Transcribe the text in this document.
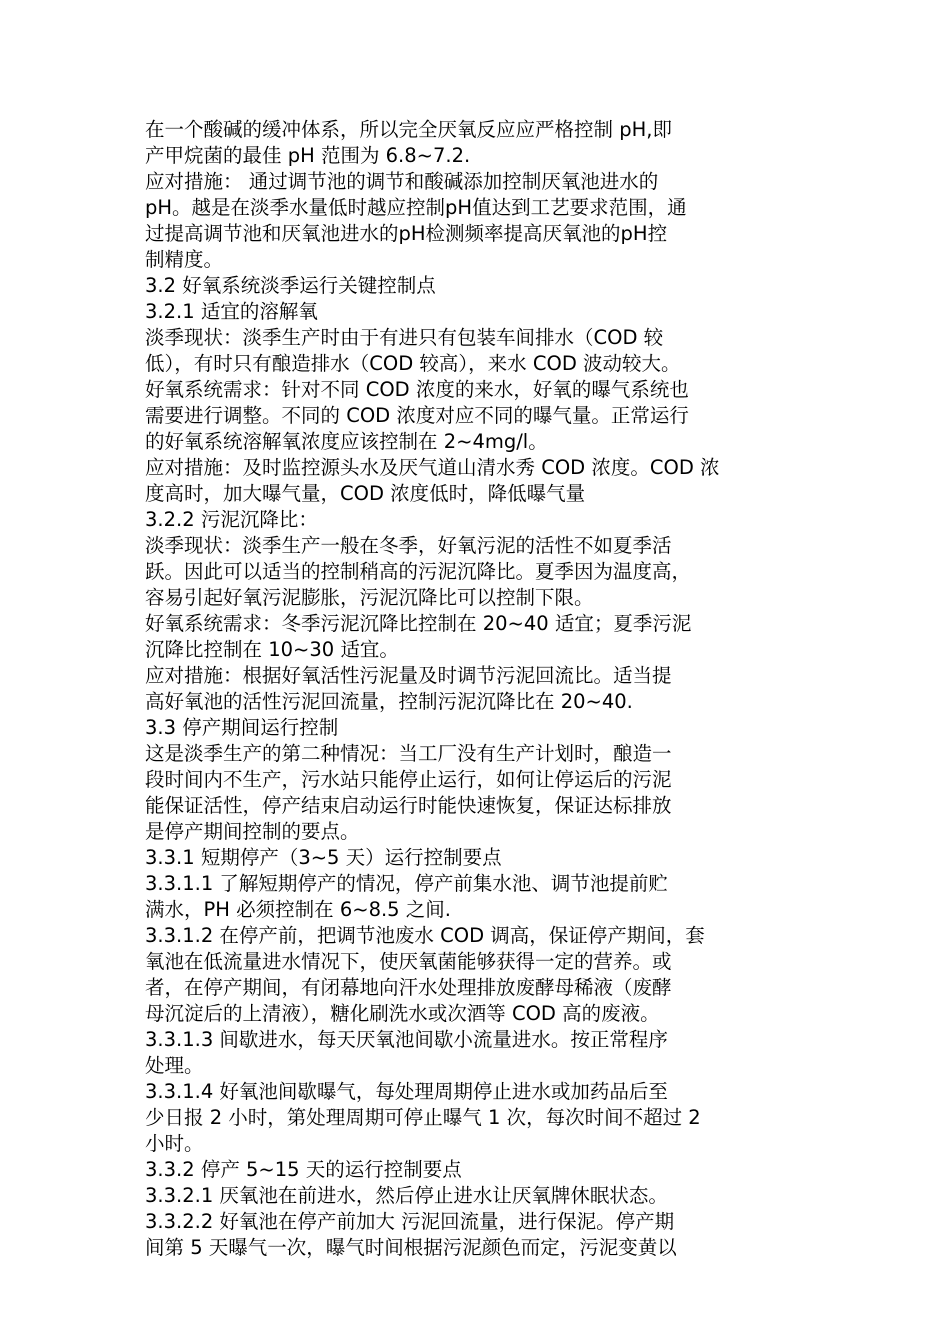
在一个酸碱的缓冲体系，所以完全厌氧反应应严格控制 pH,即
产甲烷菌的最佳 pH 范围为 6.8~7.2.
应对措施： 通过调节池的调节和酸碱添加控制厌氧池进水的
pH。越是在淡季水量低时越应控制pH值达到工艺要求范围，通
过提高调节池和厌氧池进水的pH检测频率提高厌氧池的pH控
制精度。
3.2 好氧系统淡季运行关键控制点
3.2.1 适宜的溶解氧
淡季现状：淡季生产时由于有进只有包装车间排水（COD 较
低），有时只有酿造排水（COD 较高），来水 COD 波动较大。
好氧系统需求：针对不同 COD 浓度的来水，好氧的曝气系统也
需要进行调整。不同的 COD 浓度对应不同的曝气量。正常运行
的好氧系统溶解氧浓度应该控制在 2~4mg/l。
应对措施：及时监控源头水及厌气道山清水秀 COD 浓度。COD 浓
度高时，加大曝气量，COD 浓度低时，降低曝气量
3.2.2 污泥沉降比：
淡季现状：淡季生产一般在冬季，好氧污泥的活性不如夏季活
跃。因此可以适当的控制稍高的污泥沉降比。夏季因为温度高，
容易引起好氧污泥膨胀，污泥沉降比可以控制下限。
好氧系统需求：冬季污泥沉降比控制在 20~40 适宜；夏季污泥
沉降比控制在 10~30 适宜。
应对措施：根据好氧活性污泥量及时调节污泥回流比。适当提
高好氧池的活性污泥回流量，控制污泥沉降比在 20~40.
3.3 停产期间运行控制
这是淡季生产的第二种情况：当工厂没有生产计划时，酿造一
段时间内不生产，污水站只能停止运行，如何让停运后的污泥
能保证活性，停产结束启动运行时能快速恢复，保证达标排放
是停产期间控制的要点。
3.3.1 短期停产（3~5 天）运行控制要点
3.3.1.1 了解短期停产的情况，停产前集水池、调节池提前贮
满水，PH 必须控制在 6~8.5 之间.
3.3.1.2 在停产前，把调节池废水 COD 调高，保证停产期间，套
氧池在低流量进水情况下，使厌氧菌能够获得一定的营养。或
者，在停产期间，有闭幕地向汗水处理排放废酵母稀液（废酵
母沉淀后的上清液），糖化刷洗水或次酒等 COD 高的废液。
3.3.1.3 间歇进水，每天厌氧池间歇小流量进水。按正常程序
处理。
3.3.1.4 好氧池间歇曝气，每处理周期停止进水或加药品后至
少日报 2 小时，第处理周期可停止曝气 1 次，每次时间不超过 2
小时。
3.3.2 停产 5~15 天的运行控制要点
3.3.2.1 厌氧池在前进水，然后停止进水让厌氧牌休眠状态。
3.3.2.2 好氧池在停产前加大 污泥回流量，进行保泥。停产期
间第 5 天曝气一次，曝气时间根据污泥颜色而定，污泥变黄以
